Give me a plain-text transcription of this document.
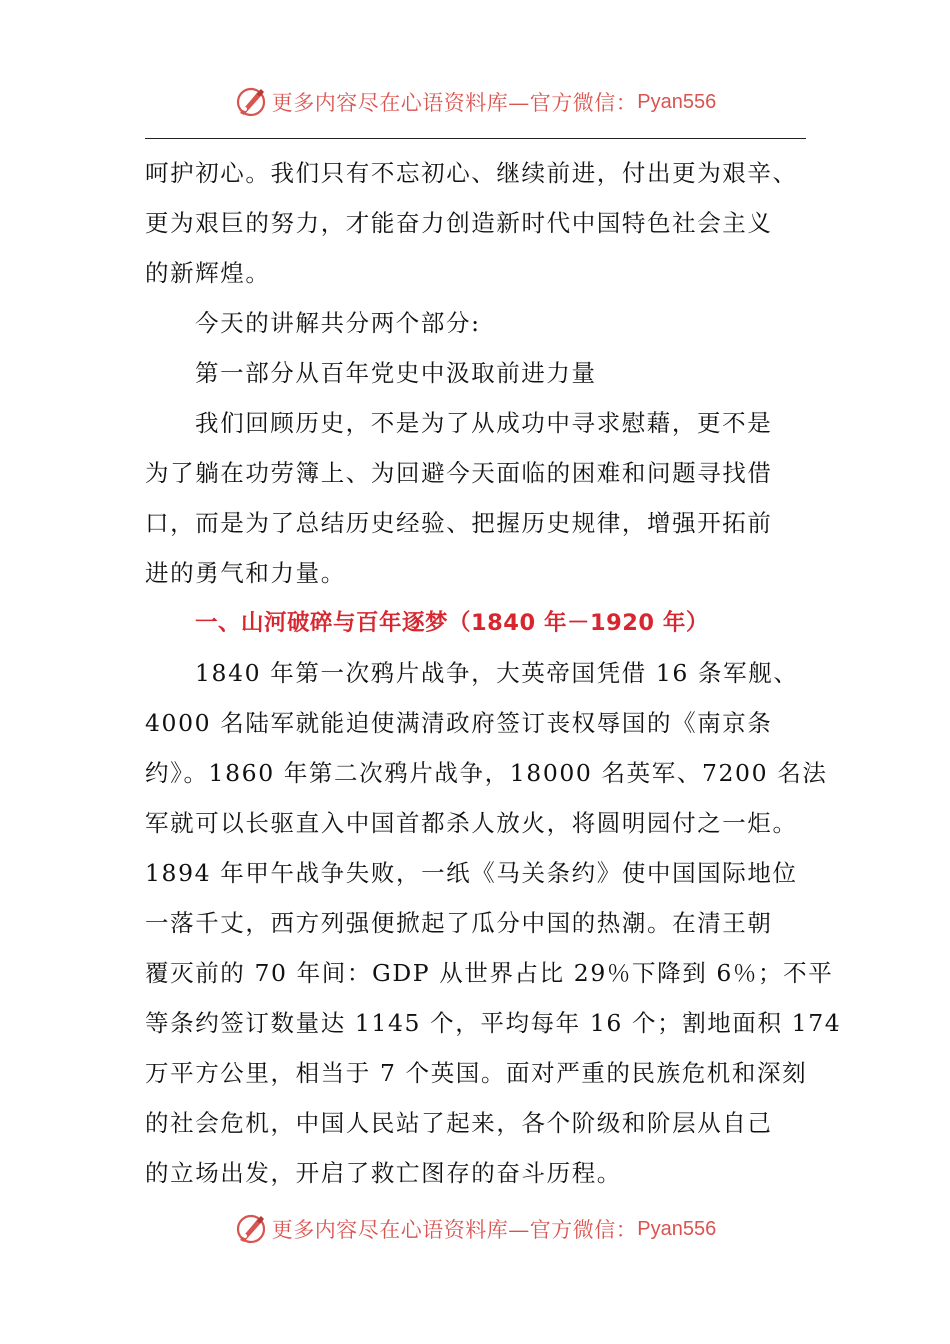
更多内容尽在心语资料库—官方微信： Pyan556
呵护初心。我们只有不忘初心、继续前进，付出更为艰辛、
更为艰巨的努力，才能奋力创造新时代中国特色社会主义
的新辉煌。
今天的讲解共分两个部分:
第一部分从百年党史中汲取前进力量
我们回顾历史，不是为了从成功中寻求慰藉，更不是
为了躺在功劳簿上、为回避今天面临的困难和问题寻找借
口，而是为了总结历史经验、把握历史规律，增强开拓前
进的勇气和力量。
一、山河破碎与百年逐梦（1840 年－1920 年）
1840 年第一次鸦片战争，大英帝国凭借 16 条军舰、
4000 名陆军就能迫使满清政府签订丧权辱国的《南京条
约》。1860 年第二次鸦片战争，18000 名英军、7200 名法
军就可以长驱直入中国首都杀人放火，将圆明园付之一炬。
1894 年甲午战争失败，一纸《马关条约》使中国国际地位
一落千丈，西方列强便掀起了瓜分中国的热潮。在清王朝
覆灭前的 70 年间：GDP 从世界占比 29％下降到 6％；不平
等条约签订数量达 1145 个，平均每年 16 个；割地面积 174
万平方公里，相当于 7 个英国。面对严重的民族危机和深刻
的社会危机，中国人民站了起来，各个阶级和阶层从自己
的立场出发，开启了救亡图存的奋斗历程。
更多内容尽在心语资料库—官方微信： Pyan556
